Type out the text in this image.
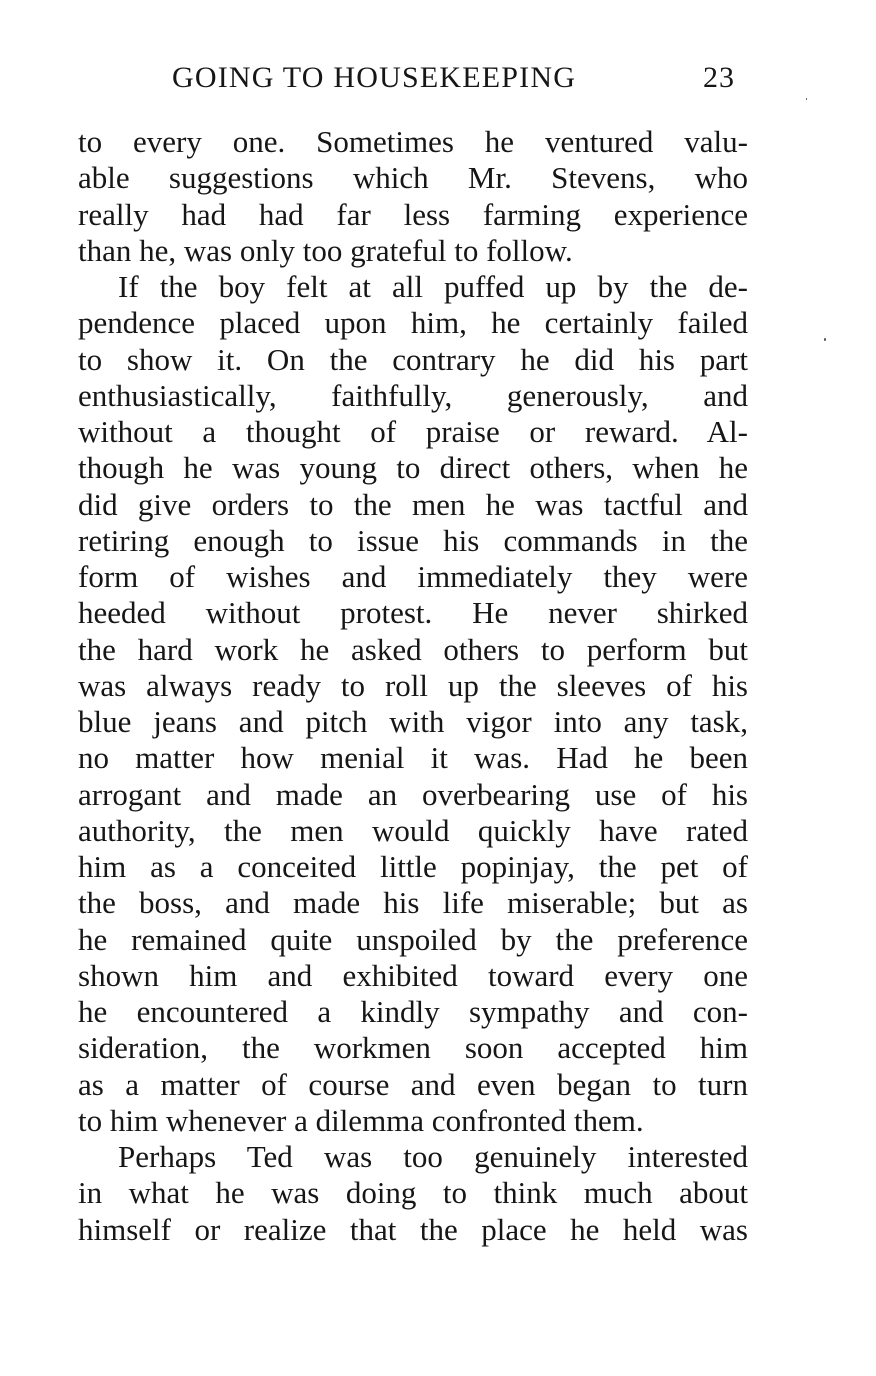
GOING TO HOUSEKEEPING	23
to every one. Sometimes he ventured valu-
able suggestions which Mr. Stevens, who
really had had far less farming experience
than he, was only too grateful to follow.
If the boy felt at all puffed up by the de-
pendence placed upon him, he certainly failed
to show it. On the contrary he did his part
enthusiastically, faithfully, generously, and
without a thought of praise or reward. Al-
though he was young to direct others, when he
did give orders to the men he was tactful and
retiring enough to issue his commands in the
form of wishes and immediately they were
heeded without protest. He never shirked
the hard work he asked others to perform but
was always ready to roll up the sleeves of his
blue jeans and pitch with vigor into any task,
no matter how menial it was. Had he been
arrogant and made an overbearing use of his
authority, the men would quickly have rated
him as a conceited little popinjay, the pet of
the boss, and made his life miserable; but as
he remained quite unspoiled by the preference
shown him and exhibited toward every one
he encountered a kindly sympathy and con-
sideration, the workmen soon accepted him
as a matter of course and even began to turn
to him whenever a dilemma confronted them.
Perhaps Ted was too genuinely interested
in what he was doing to think much about
himself or realize that the place he held was
